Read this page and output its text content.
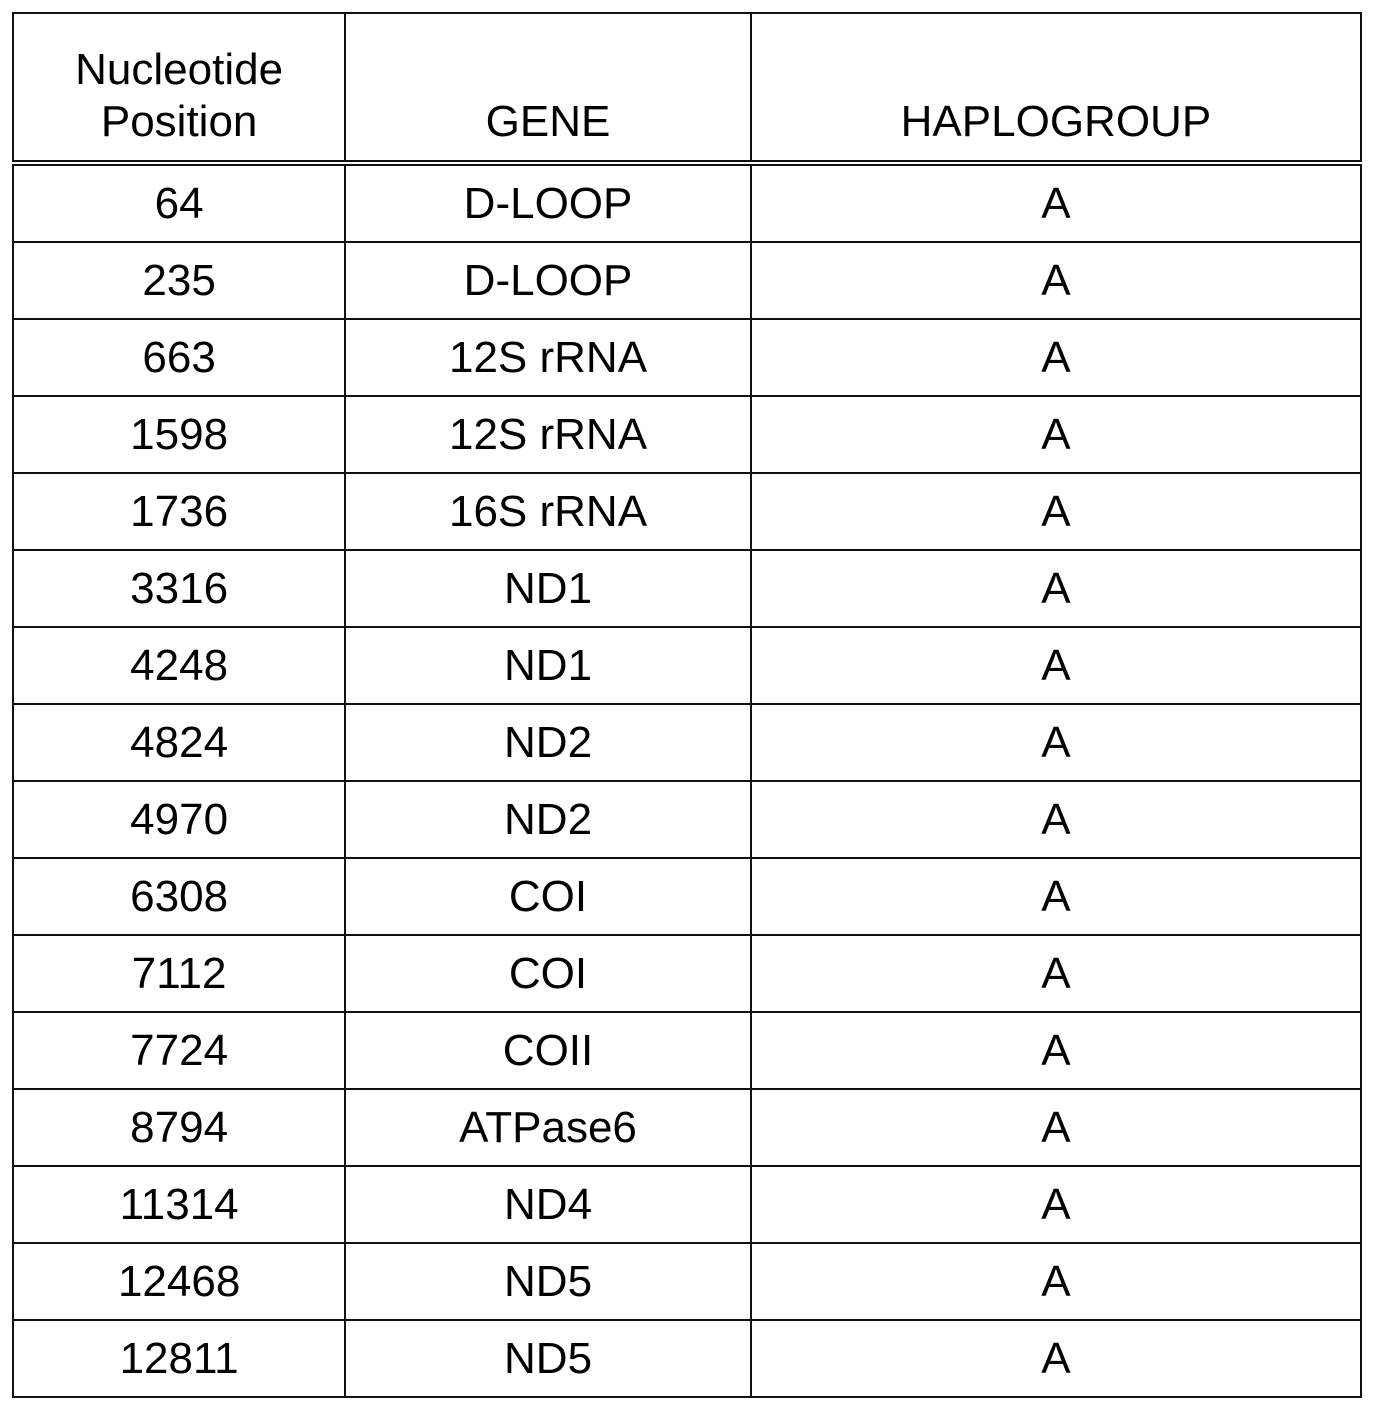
Nucleotide
Position	GENE	HAPLOGROUP
64	D-LOOP	A
235	D-LOOP	A
663	12S rRNA	A
1598	12S rRNA	A
1736	16S rRNA	A
3316	ND1	A
4248	ND1	A
4824	ND2	A
4970	ND2	A
6308	COI	A
7112	COI	A
7724	COII	A
8794	ATPase6	A
11314	ND4	A
12468	ND5	A
12811	ND5	A
